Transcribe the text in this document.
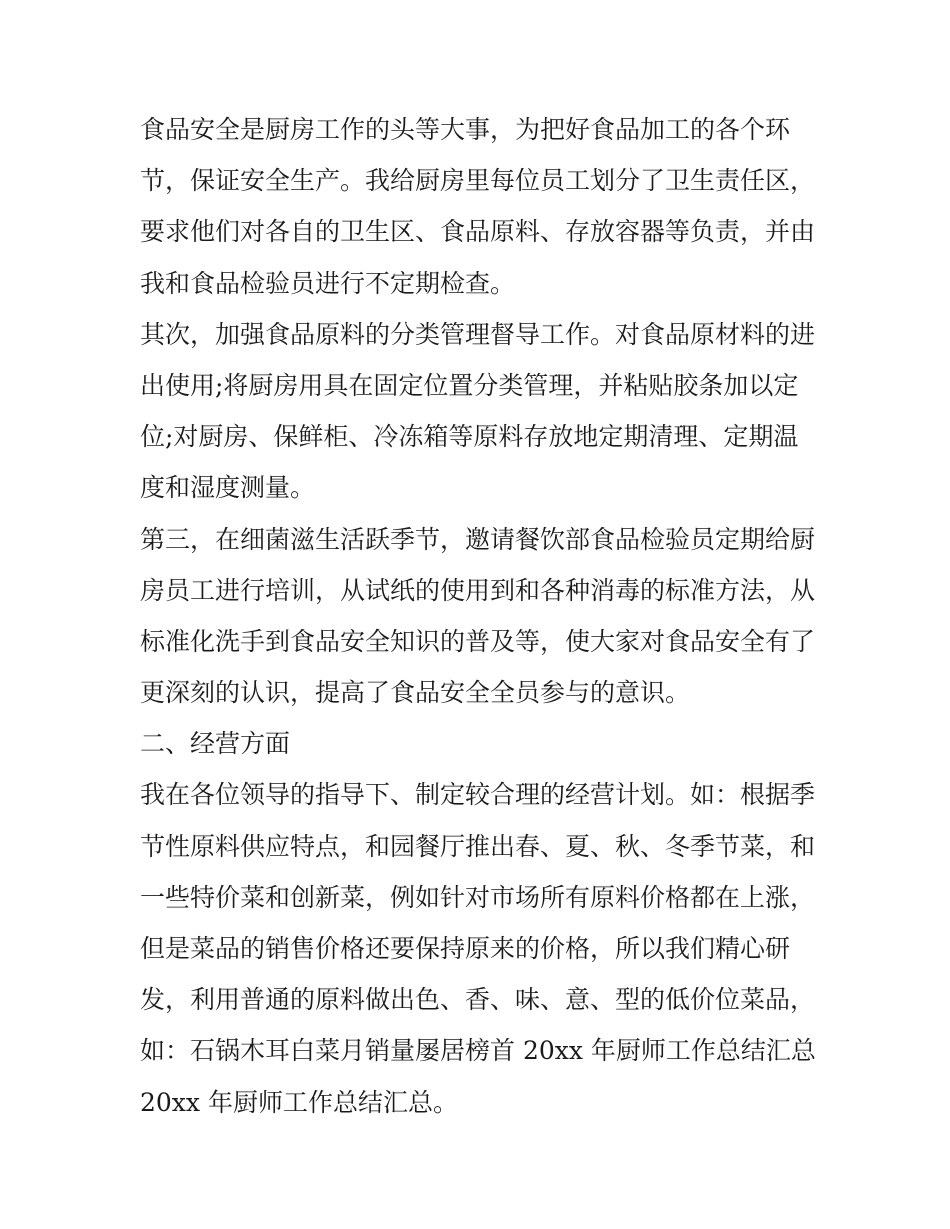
食品安全是厨房工作的头等大事，为把好食品加工的各个环
节，保证安全生产。我给厨房里每位员工划分了卫生责任区，
要求他们对各自的卫生区、食品原料、存放容器等负责，并由
我和食品检验员进行不定期检查。
其次，加强食品原料的分类管理督导工作。对食品原材料的进
出使用;将厨房用具在固定位置分类管理，并粘贴胶条加以定
位;对厨房、保鲜柜、冷冻箱等原料存放地定期清理、定期温
度和湿度测量。
第三，在细菌滋生活跃季节，邀请餐饮部食品检验员定期给厨
房员工进行培训，从试纸的使用到和各种消毒的标准方法，从
标准化洗手到食品安全知识的普及等，使大家对食品安全有了
更深刻的认识，提高了食品安全全员参与的意识。
二、经营方面
我在各位领导的指导下、制定较合理的经营计划。如：根据季
节性原料供应特点，和园餐厅推出春、夏、秋、冬季节菜，和
一些特价菜和创新菜，例如针对市场所有原料价格都在上涨，
但是菜品的销售价格还要保持原来的价格，所以我们精心研
发，利用普通的原料做出色、香、味、意、型的低价位菜品，
如：石锅木耳白菜月销量屡居榜首 20xx 年厨师工作总结汇总
20xx 年厨师工作总结汇总。
